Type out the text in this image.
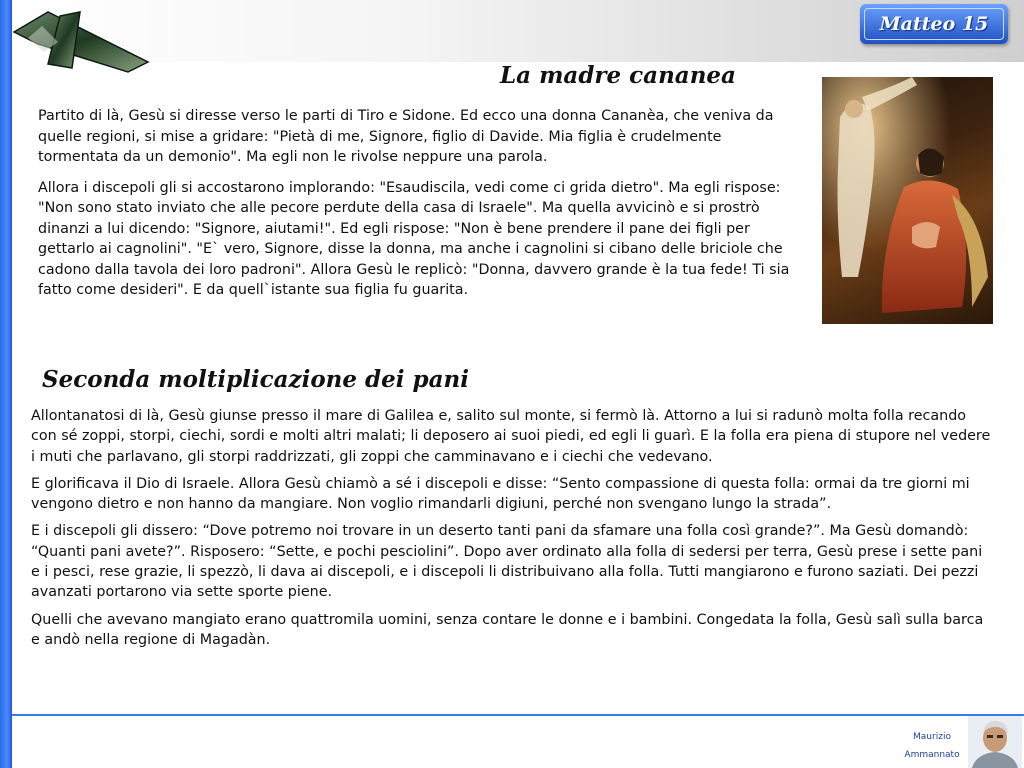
Matteo 15
La madre cananea

Partito di là, Gesù si diresse verso le parti di Tiro e Sidone. Ed ecco una donna Cananèa, che veniva da quelle regioni, si mise a gridare: "Pietà di me, Signore, figlio di Davide. Mia figlia è crudelmente tormentata da un demonio". Ma egli non le rivolse neppure una parola.

Allora i discepoli gli si accostarono implorando: "Esaudiscila, vedi come ci grida dietro". Ma egli rispose: "Non sono stato inviato che alle pecore perdute della casa di Israele". Ma quella avvicinò e si prostrò dinanzi a lui dicendo: "Signore, aiutami!". Ed egli rispose: "Non è bene prendere il pane dei figli per gettarlo ai cagnolini". "E` vero, Signore, disse la donna, ma anche i cagnolini si cibano delle briciole che cadono dalla tavola dei loro padroni". Allora Gesù le replicò: "Donna, davvero grande è la tua fede! Ti sia fatto come desideri". E da quell`istante sua figlia fu guarita.

Seconda moltiplicazione dei pani

Allontanatosi di là, Gesù giunse presso il mare di Galilea e, salito sul monte, si fermò là. Attorno a lui si radunò molta folla recando con sé zoppi, storpi, ciechi, sordi e molti altri malati; li deposero ai suoi piedi, ed egli li guarì. E la folla era piena di stupore nel vedere i muti che parlavano, gli storpi raddrizzati, gli zoppi che camminavano e i ciechi che vedevano.

E glorificava il Dio di Israele. Allora Gesù chiamò a sé i discepoli e disse: “Sento compassione di questa folla: ormai da tre giorni mi vengono dietro e non hanno da mangiare. Non voglio rimandarli digiuni, perché non svengano lungo la strada”.

E i discepoli gli dissero: “Dove potremo noi trovare in un deserto tanti pani da sfamare una folla così grande?”. Ma Gesù domandò: “Quanti pani avete?”. Risposero: “Sette, e pochi pesciolini”. Dopo aver ordinato alla folla di sedersi per terra, Gesù prese i sette pani e i pesci, rese grazie, li spezzò, li dava ai discepoli, e i discepoli li distribuivano alla folla. Tutti mangiarono e furono saziati. Dei pezzi avanzati portarono via sette sporte piene.

Quelli che avevano mangiato erano quattromila uomini, senza contare le donne e i bambini. Congedata la folla, Gesù salì sulla barca e andò nella regione di Magadàn.

Maurizio
Ammannato
